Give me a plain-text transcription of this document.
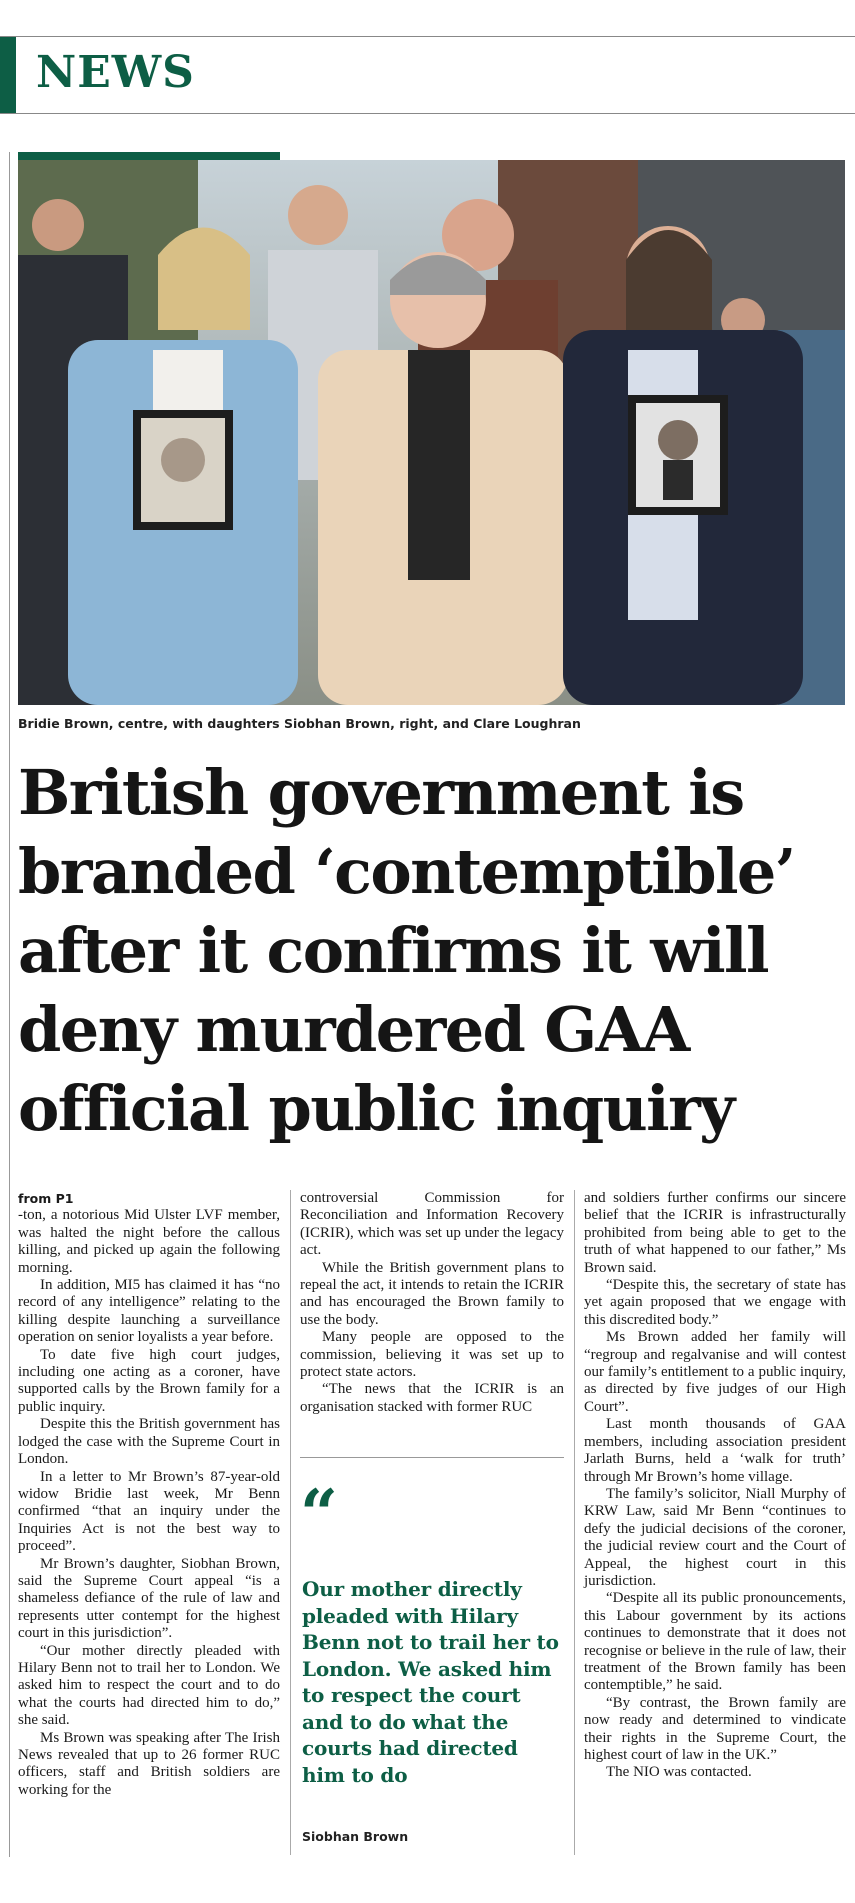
NEWS
Bridie Brown, centre, with daughters Siobhan Brown, right, and Clare Loughran
British government is
branded ‘contemptible’
after it confirms it will
deny murdered GAA
official public inquiry
from P1

-ton, a notorious Mid Ulster LVF member, was halted the night before the callous killing, and picked up again the following morning.

In addition, MI5 has claimed it has “no record of any intelligence” relating to the killing despite launching a surveillance operation on senior loyalists a year before.

To date five high court judges, including one acting as a coroner, have supported calls by the Brown family for a public inquiry.

Despite this the British government has lodged the case with the Supreme Court in London.

In a letter to Mr Brown’s 87-year-old widow Bridie last week, Mr Benn confirmed “that an inquiry under the Inquiries Act is not the best way to proceed”.

Mr Brown’s daughter, Siobhan Brown, said the Supreme Court appeal “is a shameless defiance of the rule of law and represents utter contempt for the highest court in this jurisdiction”.

“Our mother directly pleaded with Hilary Benn not to trail her to London. We asked him to respect the court and to do what the courts had directed him to do,” she said.

Ms Brown was speaking after The Irish News revealed that up to 26 former RUC officers, staff and British soldiers are working for the

controversial Commission for Reconciliation and Information Recovery (ICRIR), which was set up under the legacy act.

While the British government plans to repeal the act, it intends to retain the ICRIR and has encouraged the Brown family to use the body.

Many people are opposed to the commission, believing it was set up to protect state actors.

“The news that the ICRIR is an organisation stacked with former RUC

“
Our mother directly pleaded with Hilary Benn not to trail her to London. We asked him to respect the court and to do what the courts had directed him to do
Siobhan Brown

and soldiers further confirms our sincere belief that the ICRIR is infrastructurally prohibited from being able to get to the truth of what happened to our father,” Ms Brown said.

“Despite this, the secretary of state has yet again proposed that we engage with this discredited body.”

Ms Brown added her family will “regroup and regalvanise and will contest our family’s entitlement to a public inquiry, as directed by five judges of our High Court”.

Last month thousands of GAA members, including association president Jarlath Burns, held a ‘walk for truth’ through Mr Brown’s home village.

The family’s solicitor, Niall Murphy of KRW Law, said Mr Benn “continues to defy the judicial decisions of the coroner, the judicial review court and the Court of Appeal, the highest court in this jurisdiction.

“Despite all its public pronouncements, this Labour government by its actions continues to demonstrate that it does not recognise or believe in the rule of law, their treatment of the Brown family has been contemptible,” he said.

“By contrast, the Brown family are now ready and determined to vindicate their rights in the Supreme Court, the highest court of law in the UK.”

The NIO was contacted.
